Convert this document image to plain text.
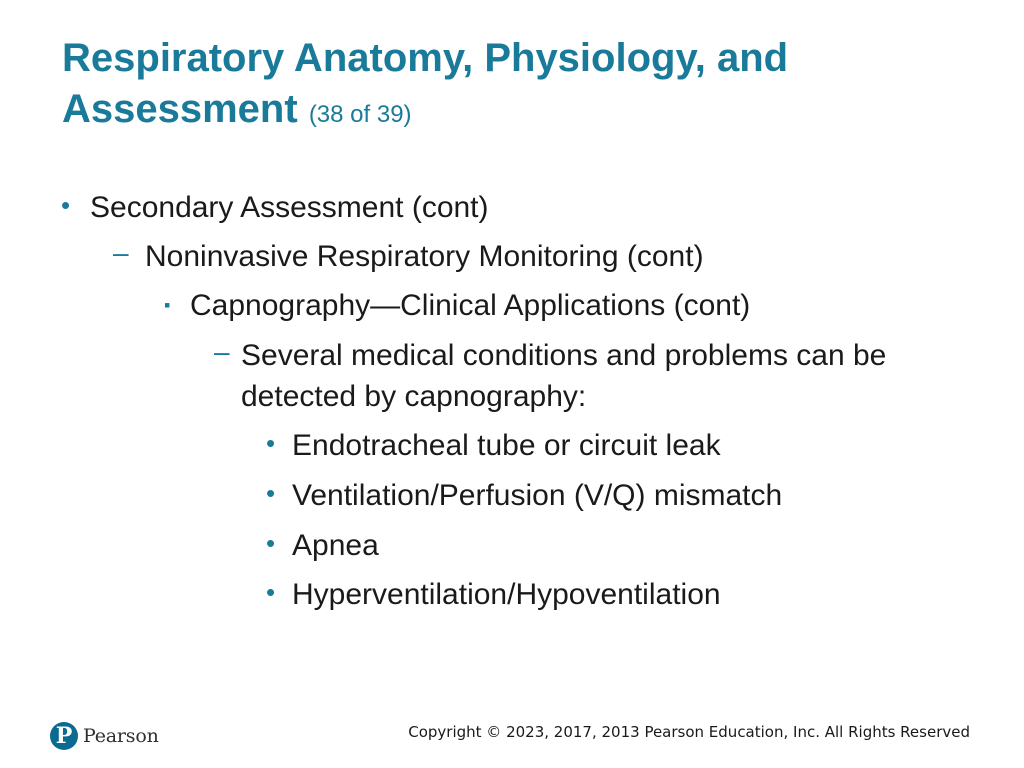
Respiratory Anatomy, Physiology, and Assessment (38 of 39)
• Secondary Assessment (cont)
– Noninvasive Respiratory Monitoring (cont)
▪ Capnography—Clinical Applications (cont)
– Several medical conditions and problems can be detected by capnography:
• Endotracheal tube or circuit leak
• Ventilation/Perfusion (V/Q) mismatch
• Apnea
• Hyperventilation/Hypoventilation
P Pearson	Copyright © 2023, 2017, 2013 Pearson Education, Inc. All Rights Reserved
